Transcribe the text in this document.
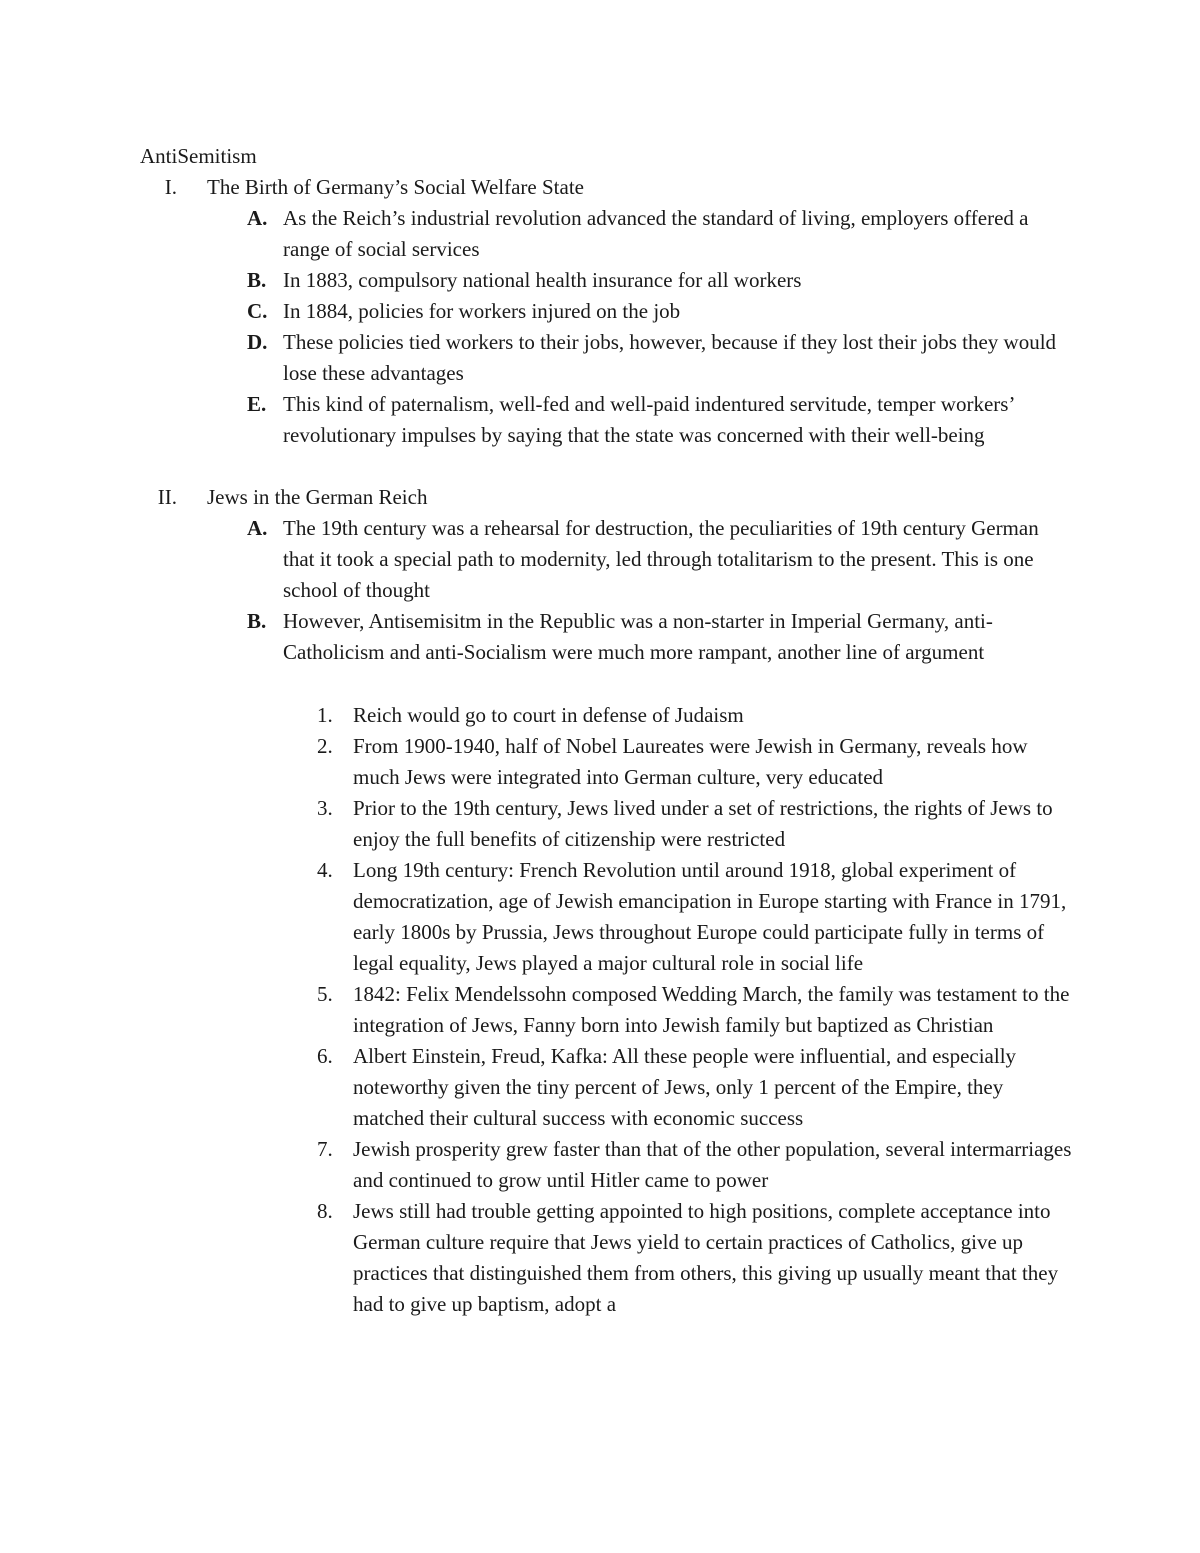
AntiSemitism
I. The Birth of Germany’s Social Welfare State
A. As the Reich’s industrial revolution advanced the standard of living, employers offered a range of social services
B. In 1883, compulsory national health insurance for all workers
C. In 1884, policies for workers injured on the job
D. These policies tied workers to their jobs, however, because if they lost their jobs they would lose these advantages
E. This kind of paternalism, well-fed and well-paid indentured servitude, temper workers’ revolutionary impulses by saying that the state was concerned with their well-being
II. Jews in the German Reich
A. The 19th century was a rehearsal for destruction, the peculiarities of 19th century German that it took a special path to modernity, led through totalitarism to the present. This is one school of thought
B. However, Antisemisitm in the Republic was a non-starter in Imperial Germany, anti-Catholicism and anti-Socialism were much more rampant, another line of argument
1. Reich would go to court in defense of Judaism
2. From 1900-1940, half of Nobel Laureates were Jewish in Germany, reveals how much Jews were integrated into German culture, very educated
3. Prior to the 19th century, Jews lived under a set of restrictions, the rights of Jews to enjoy the full benefits of citizenship were restricted
4. Long 19th century: French Revolution until around 1918, global experiment of democratization, age of Jewish emancipation in Europe starting with France in 1791, early 1800s by Prussia, Jews throughout Europe could participate fully in terms of legal equality, Jews played a major cultural role in social life
5. 1842: Felix Mendelssohn composed Wedding March, the family was testament to the integration of Jews, Fanny born into Jewish family but baptized as Christian
6. Albert Einstein, Freud, Kafka: All these people were influential, and especially noteworthy given the tiny percent of Jews, only 1 percent of the Empire, they matched their cultural success with economic success
7. Jewish prosperity grew faster than that of the other population, several intermarriages and continued to grow until Hitler came to power
8. Jews still had trouble getting appointed to high positions, complete acceptance into German culture require that Jews yield to certain practices of Catholics, give up practices that distinguished them from others, this giving up usually meant that they had to give up baptism, adopt a
